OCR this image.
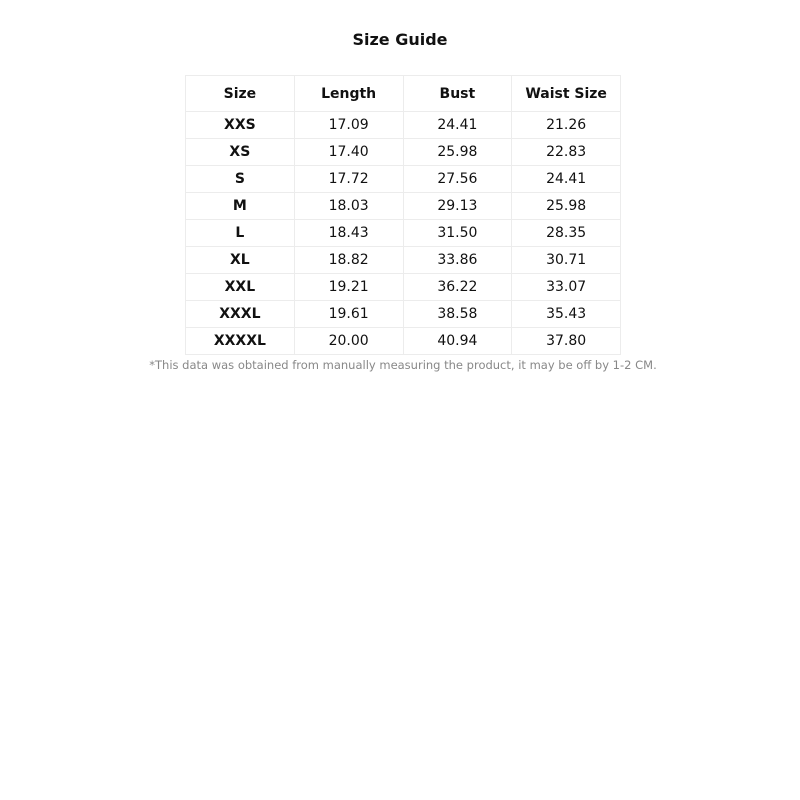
Size Guide
Size	Length	Bust	Waist Size
XXS	17.09	24.41	21.26
XS	17.40	25.98	22.83
S	17.72	27.56	24.41
M	18.03	29.13	25.98
L	18.43	31.50	28.35
XL	18.82	33.86	30.71
XXL	19.21	36.22	33.07
XXXL	19.61	38.58	35.43
XXXXL	20.00	40.94	37.80
*This data was obtained from manually measuring the product, it may be off by 1-2 CM.
